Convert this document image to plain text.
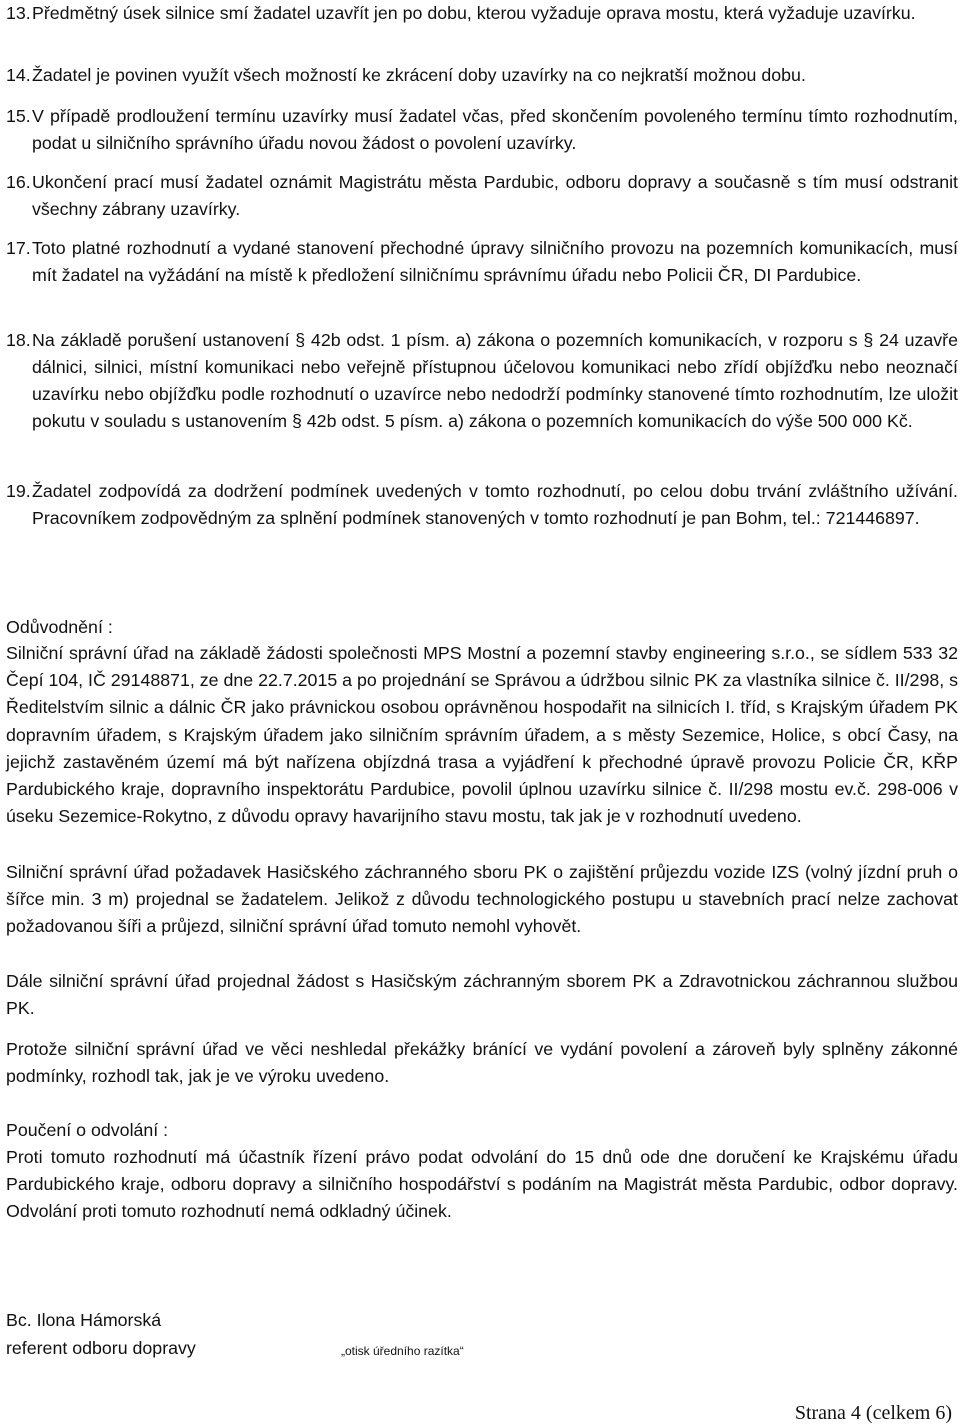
13. Předmětný úsek silnice smí žadatel uzavřít jen po dobu, kterou vyžaduje oprava mostu, která vyžaduje uzavírku.
14. Žadatel je povinen využít všech možností ke zkrácení doby uzavírky na co nejkratší možnou dobu.
15. V případě prodloužení termínu uzavírky musí žadatel včas, před skončením povoleného termínu tímto rozhodnutím, podat u silničního správního úřadu novou žádost o povolení uzavírky.
16. Ukončení prací musí žadatel oznámit Magistrátu města Pardubic, odboru dopravy a současně s tím musí odstranit všechny zábrany uzavírky.
17. Toto platné rozhodnutí a vydané stanovení přechodné úpravy silničního provozu na pozemních komunikacích, musí mít žadatel na vyžádání na místě k předložení silničnímu správnímu úřadu nebo Policii ČR, DI Pardubice.
18. Na základě porušení ustanovení § 42b odst. 1 písm. a) zákona o pozemních komunikacích, v rozporu s § 24 uzavře dálnici, silnici, místní komunikaci nebo veřejně přístupnou účelovou komunikaci nebo zřídí objížďku nebo neoznačí uzavírku nebo objížďku podle rozhodnutí o uzavírce nebo nedodrží podmínky stanovené tímto rozhodnutím, lze uložit pokutu v souladu s ustanovením § 42b odst. 5 písm. a) zákona o pozemních komunikacích do výše 500 000 Kč.
19. Žadatel zodpovídá za dodržení podmínek uvedených v tomto rozhodnutí, po celou dobu trvání zvláštního užívání. Pracovníkem zodpovědným za splnění podmínek stanovených v tomto rozhodnutí je pan Bohm, tel.: 721446897.
Odůvodnění :
Silniční správní úřad na základě žádosti společnosti MPS Mostní a pozemní stavby engineering s.r.o., se sídlem 533 32 Čepí 104, IČ 29148871, ze dne 22.7.2015 a po projednání se Správou a údržbou silnic PK za vlastníka silnice č. II/298, s Ředitelstvím silnic a dálnic ČR jako právnickou osobou oprávněnou hospodařit na silnicích I. tříd, s Krajským úřadem PK dopravním úřadem, s Krajským úřadem jako silničním správním úřadem, a s městy Sezemice, Holice, s obcí Časy, na jejichž zastavěném území má být nařízena objízdná trasa a vyjádření k přechodné úpravě provozu Policie ČR, KŘP Pardubického kraje, dopravního inspektorátu Pardubice, povolil úplnou uzavírku silnice č. II/298 mostu ev.č. 298-006 v úseku Sezemice-Rokytno, z důvodu opravy havarijního stavu mostu, tak jak je v rozhodnutí uvedeno.
Silniční správní úřad požadavek Hasičského záchranného sboru PK o zajištění průjezdu vozide IZS (volný jízdní pruh o šířce min. 3 m) projednal se žadatelem. Jelikož z důvodu technologického postupu u stavebních prací nelze zachovat požadovanou šíři a průjezd, silniční správní úřad tomuto nemohl vyhovět.
Dále silniční správní úřad projednal žádost s Hasičským záchranným sborem PK a Zdravotnickou záchrannou službou PK.
Protože silniční správní úřad ve věci neshledal překážky bránící ve vydání povolení a zároveň byly splněny zákonné podmínky, rozhodl tak, jak je ve výroku uvedeno.
Poučení o odvolání :
Proti tomuto rozhodnutí má účastník řízení právo podat odvolání do 15 dnů ode dne doručení ke Krajskému úřadu Pardubického kraje, odboru dopravy a silničního hospodářství s podáním na Magistrát města Pardubic, odbor dopravy. Odvolání proti tomuto rozhodnutí nemá odkladný účinek.
Bc. Ilona Hámorská
referent odboru dopravy	„otisk úředního razítka“
Strana 4 (celkem 6)
